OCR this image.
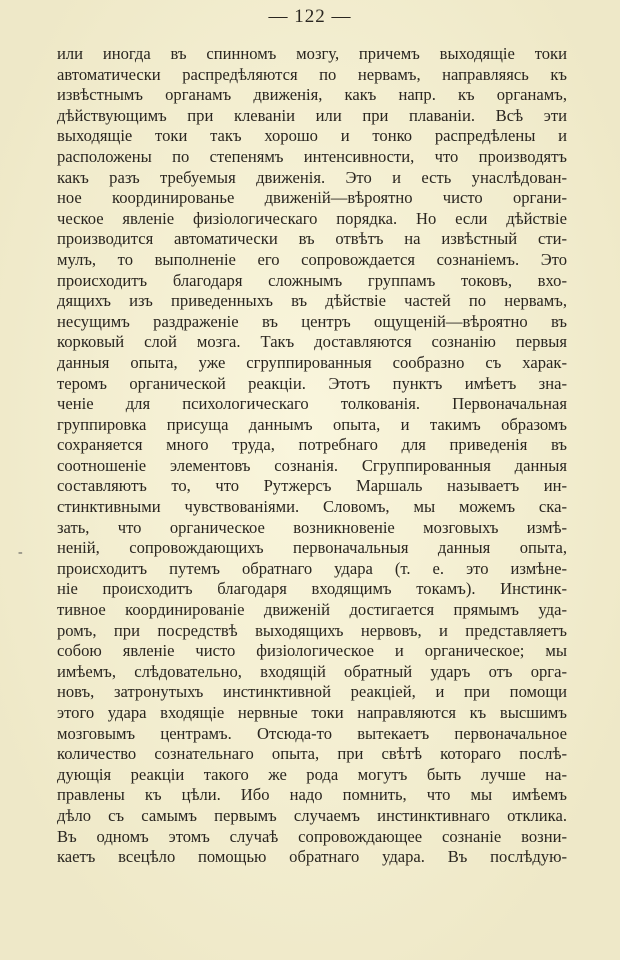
— 122 —
-
или иногда въ спинномъ мозгу, причемъ выходящіе токи
автоматически распредѣляются по нервамъ, направляясь къ
извѣстнымъ органамъ движенія, какъ напр. къ органамъ,
дѣйствующимъ при клеваніи или при плаваніи. Всѣ эти
выходящіе токи такъ хорошо и тонко распредѣлены и
расположены по степенямъ интенсивности, что производятъ
какъ разъ требуемыя движенія. Это и есть унаслѣдован-
ное координированье движеній—вѣроятно чисто органи-
ческое явленіе физіологическаго порядка. Но если дѣйствіе
производится автоматически въ отвѣтъ на извѣстный сти-
мулъ, то выполненіе его сопровождается сознаніемъ. Это
происходитъ благодаря сложнымъ группамъ токовъ, вхо-
дящихъ изъ приведенныхъ въ дѣйствіе частей по нервамъ,
несущимъ раздраженіе въ центръ ощущеній—вѣроятно въ
корковый слой мозга. Такъ доставляются сознанію первыя
данныя опыта, уже сгруппированныя сообразно съ харак-
теромъ органической реакціи. Этотъ пунктъ имѣетъ зна-
ченіе для психологическаго толкованія. Первоначальная
группировка присуща даннымъ опыта, и такимъ образомъ
сохраняется много труда, потребнаго для приведенія въ
соотношеніе элементовъ сознанія. Сгруппированныя данныя
составляютъ то, что Рутжерсъ Маршаль называетъ ин-
стинктивными чувствованіями. Словомъ, мы можемъ ска-
зать, что органическое возникновеніе мозговыхъ измѣ-
неній, сопровождающихъ первоначальныя данныя опыта,
происходитъ путемъ обратнаго удара (т. е. это измѣне-
ніе происходитъ благодаря входящимъ токамъ). Инстинк-
тивное координированіе движеній достигается прямымъ уда-
ромъ, при посредствѣ выходящихъ нервовъ, и представляетъ
собою явленіе чисто физіологическое и органическое; мы
имѣемъ, слѣдовательно, входящій обратный ударъ отъ орга-
новъ, затронутыхъ инстинктивной реакціей, и при помощи
этого удара входящіе нервные токи направляются къ высшимъ
мозговымъ центрамъ. Отсюда-то вытекаетъ первоначальное
количество сознательнаго опыта, при свѣтѣ котораго послѣ-
дующія реакціи такого же рода могутъ быть лучше на-
правлены къ цѣли. Ибо надо помнить, что мы имѣемъ
дѣло съ самымъ первымъ случаемъ инстинктивнаго отклика.
Въ одномъ этомъ случаѣ сопровождающее сознаніе возни-
каетъ всецѣло помощью обратнаго удара. Въ послѣдую-
